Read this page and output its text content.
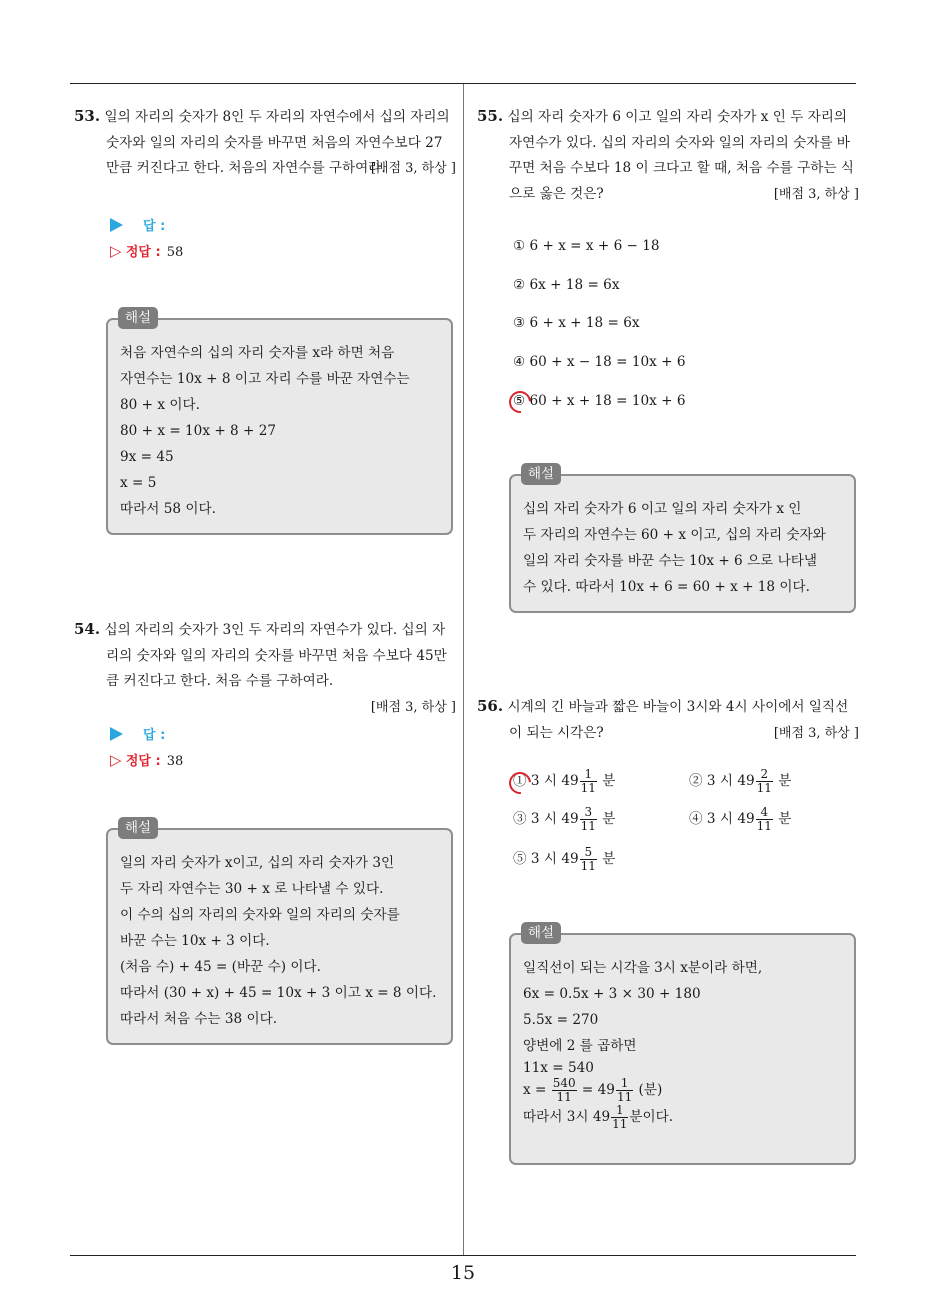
53. 일의 자리의 숫자가 8인 두 자리의 자연수에서 십의 자리의 숫자와 일의 자리의 숫자를 바꾸면 처음의 자연수보다 27 만큼 커진다고 한다. 처음의 자연수를 구하여라.
[배점 3, 하상 ]
답 :
▷ 정답 : 58
해설
처음 자연수의 십의 자리 숫자를 x라 하면 처음
자연수는 10x + 8 이고 자리 수를 바꾼 자연수는
80 + x 이다.
80 + x = 10x + 8 + 27
9x = 45
x = 5
따라서 58 이다.
54. 십의 자리의 숫자가 3인 두 자리의 자연수가 있다. 십의 자리의 숫자와 일의 자리의 숫자를 바꾸면 처음 수보다 45만큼 커진다고 한다. 처음 수를 구하여라.
[배점 3, 하상 ]
답 :
▷ 정답 : 38
해설
일의 자리 숫자가 x이고, 십의 자리 숫자가 3인
두 자리 자연수는 30 + x 로 나타낼 수 있다.
이 수의 십의 자리의 숫자와 일의 자리의 숫자를
바꾼 수는 10x + 3 이다.
(처음 수) + 45 = (바꾼 수) 이다.
따라서 (30 + x) + 45 = 10x + 3 이고 x = 8 이다.
따라서 처음 수는 38 이다.
55. 십의 자리 숫자가 6 이고 일의 자리 숫자가 x 인 두 자리의 자연수가 있다. 십의 자리의 숫자와 일의 자리의 숫자를 바꾸면 처음 수보다 18 이 크다고 할 때, 처음 수를 구하는 식으로 옳은 것은?	[배점 3, 하상 ]
① 6 + x = x + 6 − 18
② 6x + 18 = 6x
③ 6 + x + 18 = 6x
④ 60 + x − 18 = 10x + 6
⑤ 60 + x + 18 = 10x + 6
해설
십의 자리 숫자가 6 이고 일의 자리 숫자가 x 인
두 자리의 자연수는 60 + x 이고, 십의 자리 숫자와
일의 자리 숫자를 바꾼 수는 10x + 6 으로 나타낼
수 있다. 따라서 10x + 6 = 60 + x + 18 이다.
56. 시계의 긴 바늘과 짧은 바늘이 3시와 4시 사이에서 일직선이 되는 시각은?	[배점 3, 하상 ]
① 3 시 $49 \frac{1}{11}$ 분	② 3 시 $49 \frac{2}{11}$ 분
③ 3 시 $49 \frac{3}{11}$ 분	④ 3 시 $49 \frac{4}{11}$ 분
⑤ 3 시 $49 \frac{5}{11}$ 분
해설
일직선이 되는 시각을 3시 x분이라 하면,
6x = 0.5x + 3 × 30 + 180
5.5x = 270
양변에 2 를 곱하면
11x = 540
$x = \frac{540}{11} = 49 \frac{1}{11}$ (분)
따라서 3시 $49 \frac{1}{11}$ 분이다.
15
